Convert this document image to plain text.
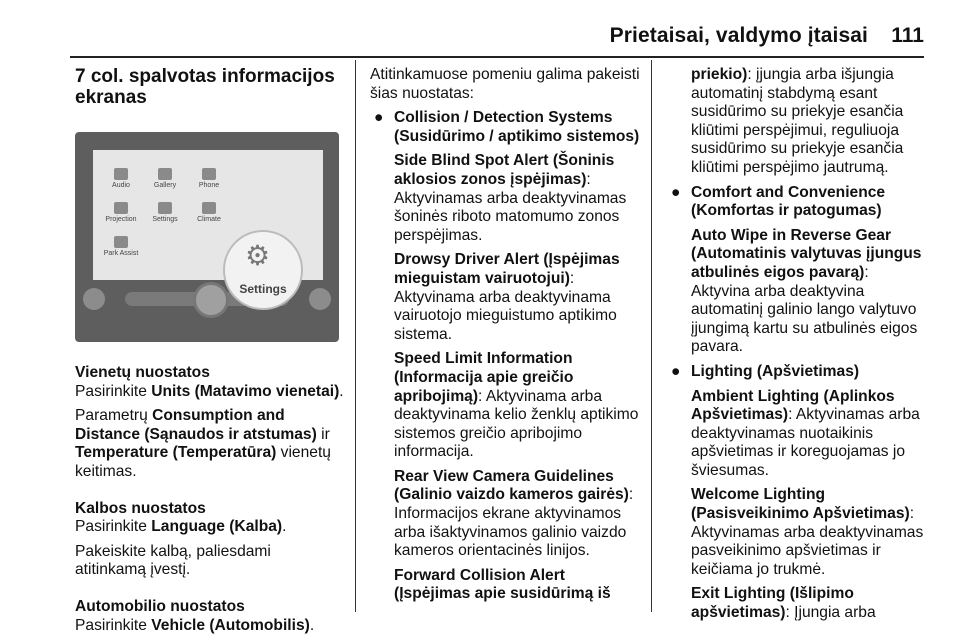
Prietaisai, valdymo įtaisai 111
7 col. spalvotas informacijos ekranas
Audio	Gallery	Phone
Projection	Settings	Climate
Park Assist	⚙
Settings

Vienetų nuostatos

Pasirinkite Units (Matavimo vienetai).

Parametrų Consumption and Distance (Sąnaudos ir atstumas) ir Temperature (Temperatūra) vienetų keitimas.

Kalbos nuostatos

Pasirinkite Language (Kalba).

Pakeiskite kalbą, paliesdami atitinkamą įvestį.

Automobilio nuostatos

Pasirinkite Vehicle (Automobilis).

Atitinkamuose pomeniu galima pakeisti šias nuostatas:

● Collision / Detection Systems (Susidūrimo / aptikimo sistemos)

Side Blind Spot Alert (Šoninis aklosios zonos įspėjimas): Aktyvinamas arba deaktyvinamas šoninės riboto matomumo zonos perspėjimas.

Drowsy Driver Alert (Įspėjimas mieguistam vairuotojui): Aktyvinama arba deaktyvinama vairuotojo mieguistumo aptikimo sistema.

Speed Limit Information (Informacija apie greičio apribojimą): Aktyvinama arba deaktyvinama kelio ženklų aptikimo sistemos greičio apribojimo informacija.

Rear View Camera Guidelines (Galinio vaizdo kameros gairės): Informacijos ekrane aktyvinamos arba išaktyvinamos galinio vaizdo kameros orientacinės linijos.

Forward Collision Alert (Įspėjimas apie susidūrimą iš

priekio): įjungia arba išjungia automatinį stabdymą esant susidūrimo su priekyje esančia kliūtimi perspėjimui, reguliuoja susidūrimo su priekyje esančia kliūtimi perspėjimo jautrumą.

● Comfort and Convenience (Komfortas ir patogumas)

Auto Wipe in Reverse Gear (Automatinis valytuvas įjungus atbulinės eigos pavarą): Aktyvina arba deaktyvina automatinį galinio lango valytuvo įjungimą kartu su atbulinės eigos pavara.

● Lighting (Apšvietimas)

Ambient Lighting (Aplinkos Apšvietimas): Aktyvinamas arba deaktyvinamas nuotaikinis apšvietimas ir koreguojamas jo šviesumas.

Welcome Lighting (Pasisveikinimo Apšvietimas): Aktyvinamas arba deaktyvinamas pasveikinimo apšvietimas ir keičiama jo trukmė.

Exit Lighting (Išlipimo apšvietimas): Įjungia arba
